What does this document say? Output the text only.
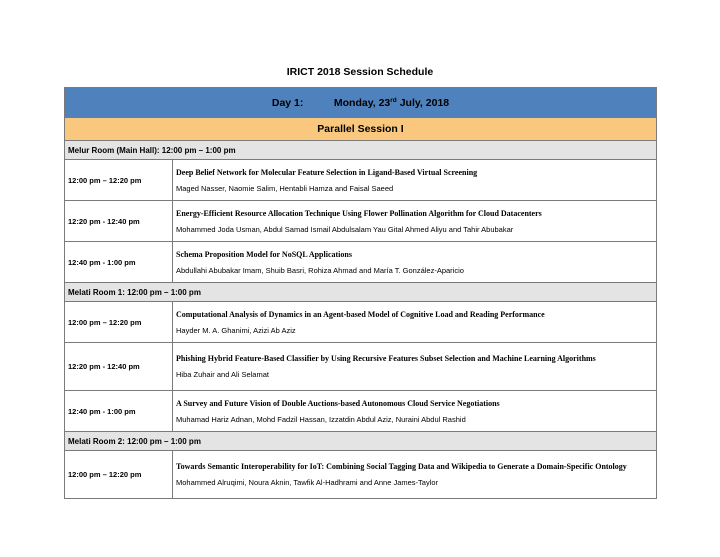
IRICT 2018 Session Schedule
Day 1: Monday, 23rd July, 2018	
Parallel Session I	
Melur Room (Main Hall): 12:00 pm – 1:00 pm	
12:00 pm – 12:20 pm	Deep Belief Network for Molecular Feature Selection in Ligand-Based Virtual Screening
Maged Nasser, Naomie Salim, Hentabli Hamza and Faisal Saeed

12:20 pm - 12:40 pm	Energy-Efficient Resource Allocation Technique Using Flower Pollination Algorithm for Cloud Datacenters
Mohammed Joda Usman, Abdul Samad Ismail Abdulsalam Yau Gital Ahmed Aliyu and Tahir Abubakar

12:40 pm - 1:00 pm	Schema Proposition Model for NoSQL Applications
Abdullahi Abubakar Imam, Shuib Basri, Rohiza Ahmad and María T. González-Aparicio

Melati Room 1: 12:00 pm – 1:00 pm	
12:00 pm – 12:20 pm	Computational Analysis of Dynamics in an Agent-based Model of Cognitive Load and Reading Performance
Hayder M. A. Ghanimi, Azizi Ab Aziz

12:20 pm - 12:40 pm	Phishing Hybrid Feature-Based Classifier by Using Recursive Features Subset Selection and Machine Learning Algorithms
Hiba Zuhair and Ali Selamat

12:40 pm - 1:00 pm	A Survey and Future Vision of Double Auctions-based Autonomous Cloud Service Negotiations
Muhamad Hariz Adnan, Mohd Fadzil Hassan, Izzatdin Abdul Aziz, Nuraini Abdul Rashid

Melati Room 2: 12:00 pm – 1:00 pm	
12:00 pm – 12:20 pm	Towards Semantic Interoperability for IoT: Combining Social Tagging Data and Wikipedia to Generate a Domain-Specific Ontology
Mohammed Alruqimi, Noura Aknin, Tawfik Al-Hadhrami and Anne James-Taylor
